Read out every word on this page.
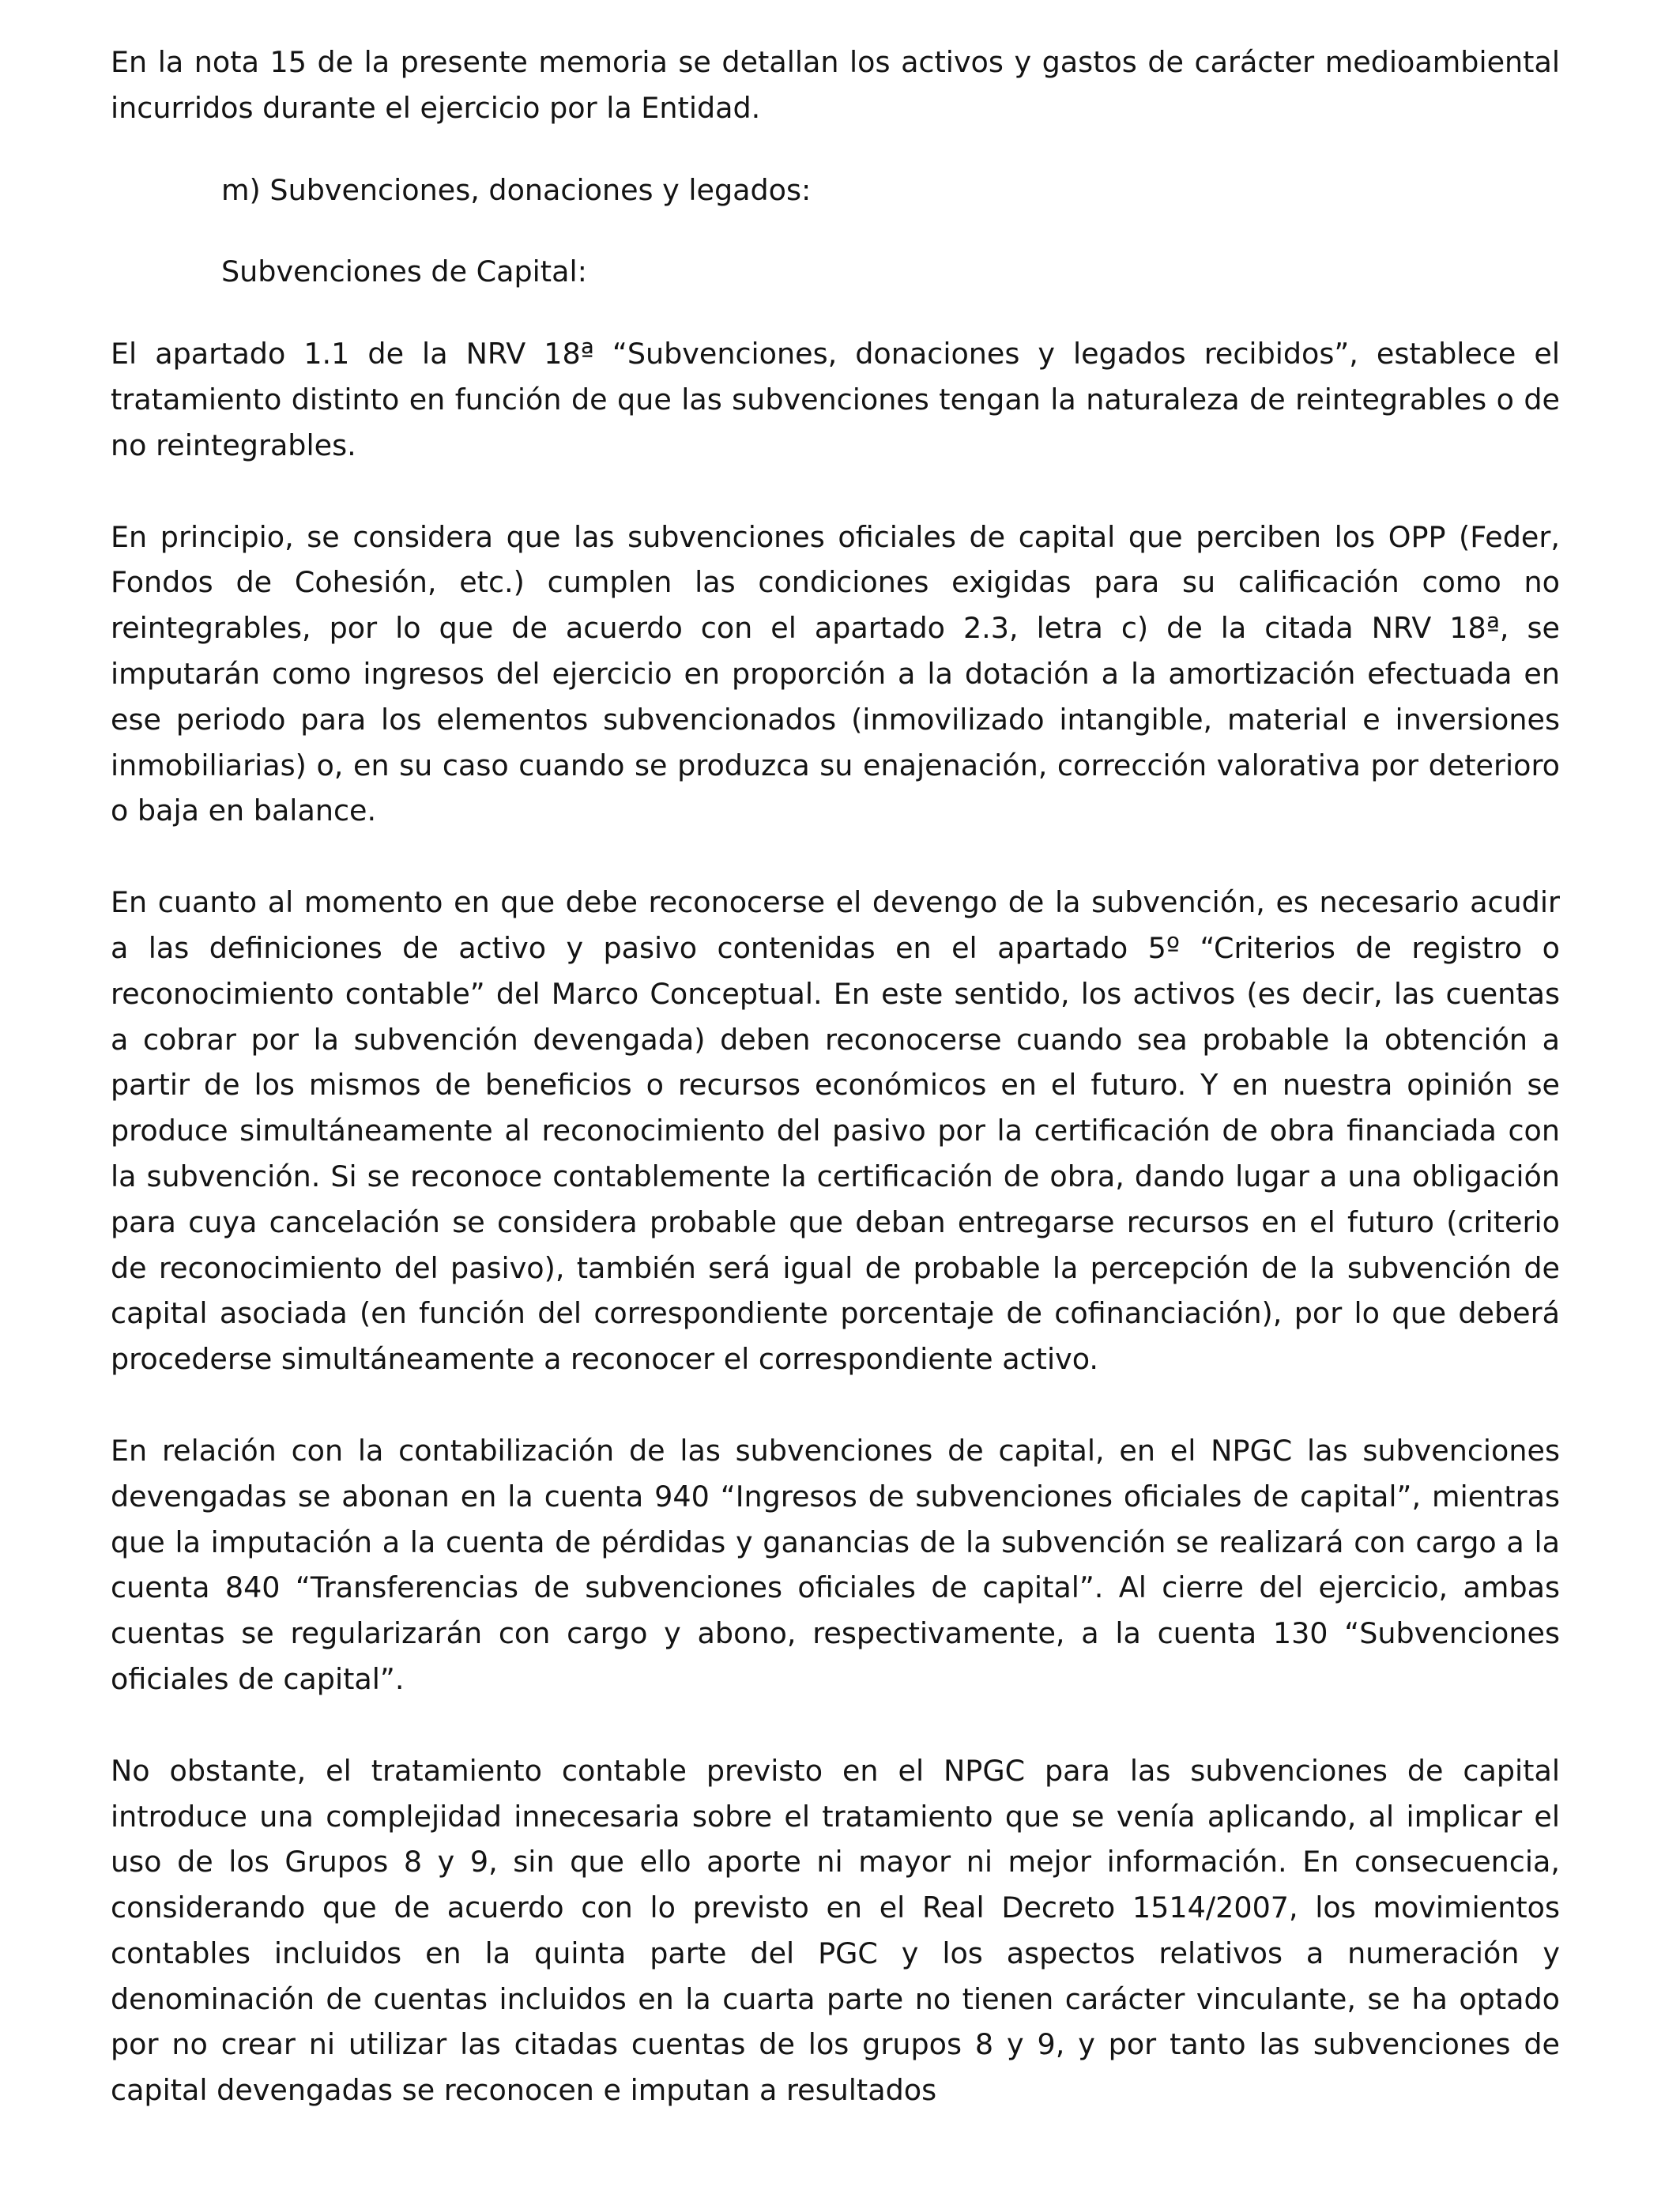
En la nota 15 de la presente memoria se detallan los activos y gastos de carácter medioambiental incurridos durante el ejercicio por la Entidad.

m) Subvenciones, donaciones y legados:

Subvenciones de Capital:

El apartado 1.1 de la NRV 18ª “Subvenciones, donaciones y legados recibidos”, establece el tratamiento distinto en función de que las subvenciones tengan la naturaleza de reintegrables o de no reintegrables.

En principio, se considera que las subvenciones oficiales de capital que perciben los OPP (Feder, Fondos de Cohesión, etc.) cumplen las condiciones exigidas para su calificación como no reintegrables, por lo que de acuerdo con el apartado 2.3, letra c) de la citada NRV 18ª, se imputarán como ingresos del ejercicio en proporción a la dotación a la amortización efectuada en ese periodo para los elementos subvencionados (inmovilizado intangible, material e inversiones inmobiliarias) o, en su caso cuando se produzca su enajenación, corrección valorativa por deterioro o baja en balance.

En cuanto al momento en que debe reconocerse el devengo de la subvención, es necesario acudir a las definiciones de activo y pasivo contenidas en el apartado 5º “Criterios de registro o reconocimiento contable” del Marco Conceptual. En este sentido, los activos (es decir, las cuentas a cobrar por la subvención devengada) deben reconocerse cuando sea probable la obtención a partir de los mismos de beneficios o recursos económicos en el futuro. Y en nuestra opinión se produce simultáneamente al reconocimiento del pasivo por la certificación de obra financiada con la subvención. Si se reconoce contablemente la certificación de obra, dando lugar a una obligación para cuya cancelación se considera probable que deban entregarse recursos en el futuro (criterio de reconocimiento del pasivo), también será igual de probable la percepción de la subvención de capital asociada (en función del correspondiente porcentaje de cofinanciación), por lo que deberá procederse simultáneamente a reconocer el correspondiente activo.

En relación con la contabilización de las subvenciones de capital, en el NPGC las subvenciones devengadas se abonan en la cuenta 940 “Ingresos de subvenciones oficiales de capital”, mientras que la imputación a la cuenta de pérdidas y ganancias de la subvención se realizará con cargo a la cuenta 840 “Transferencias de subvenciones oficiales de capital”. Al cierre del ejercicio, ambas cuentas se regularizarán con cargo y abono, respectivamente, a la cuenta 130 “Subvenciones oficiales de capital”.

No obstante, el tratamiento contable previsto en el NPGC para las subvenciones de capital introduce una complejidad innecesaria sobre el tratamiento que se venía aplicando, al implicar el uso de los Grupos 8 y 9, sin que ello aporte ni mayor ni mejor información. En consecuencia, considerando que de acuerdo con lo previsto en el Real Decreto 1514/2007, los movimientos contables incluidos en la quinta parte del PGC y los aspectos relativos a numeración y denominación de cuentas incluidos en la cuarta parte no tienen carácter vinculante, se ha optado por no crear ni utilizar las citadas cuentas de los grupos 8 y 9, y por tanto las subvenciones de capital devengadas se reconocen e imputan a resultados
